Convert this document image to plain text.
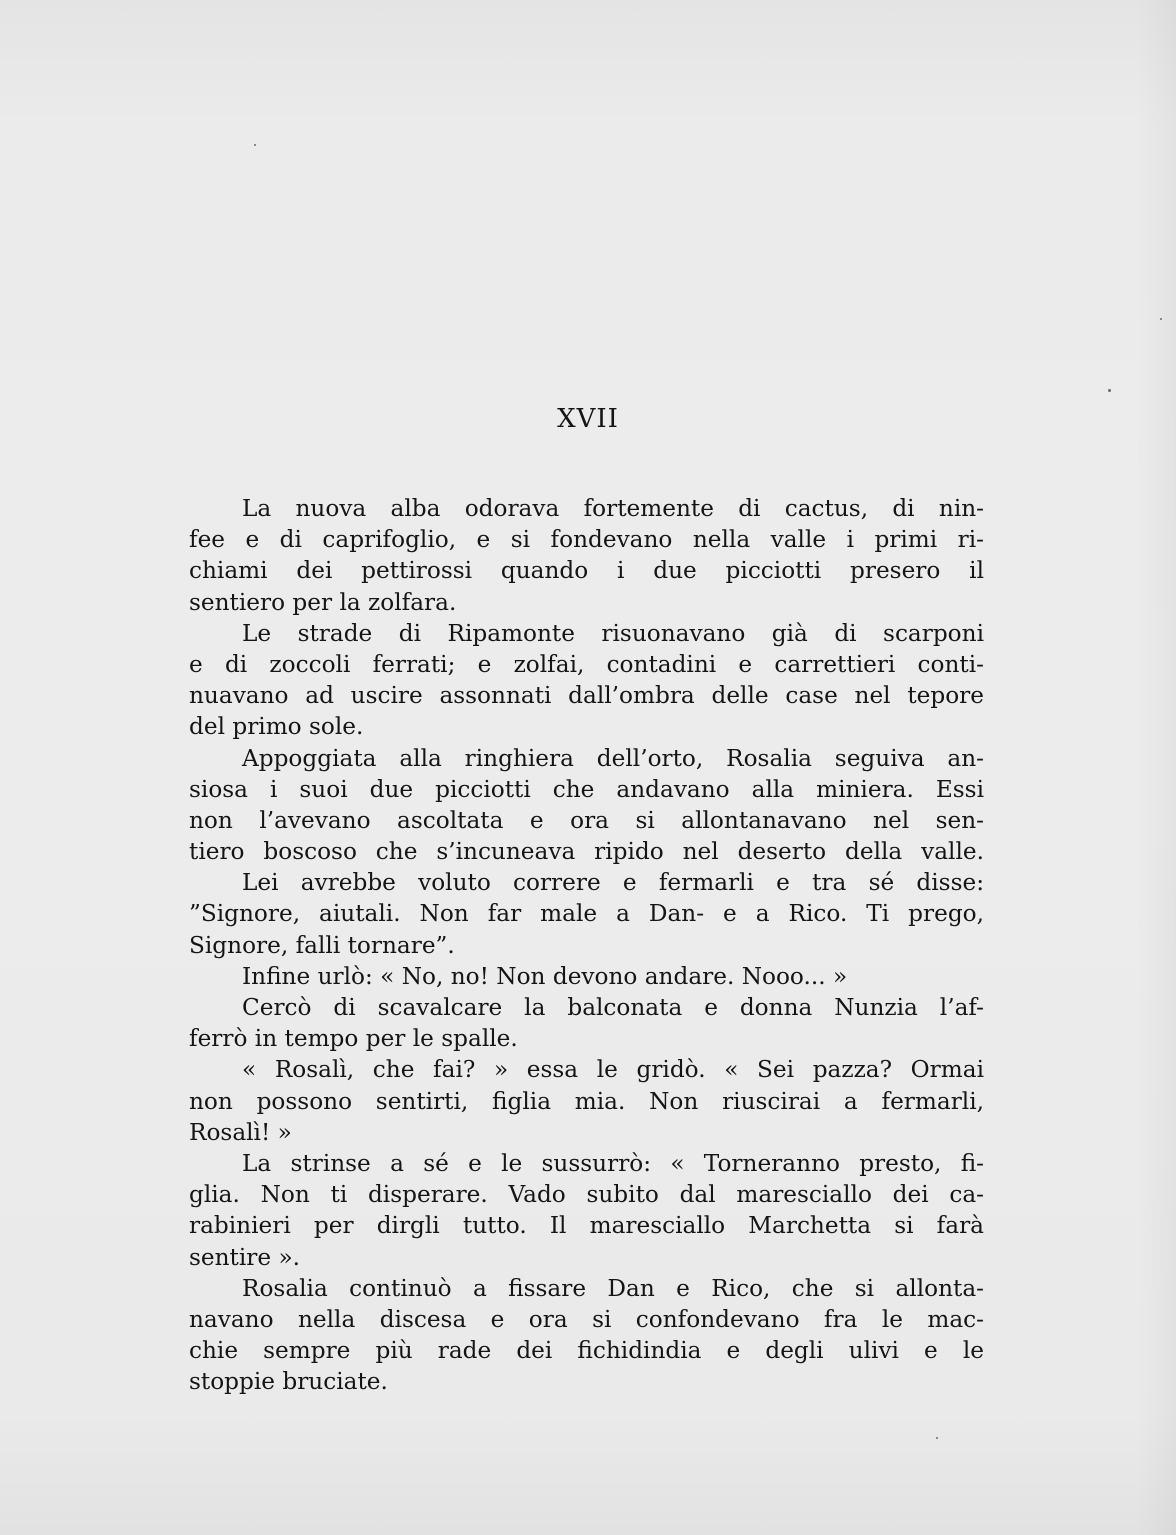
XVII
La nuova alba odorava fortemente di cactus, di nin-
fee e di caprifoglio, e si fondevano nella valle i primi ri-
chiami dei pettirossi quando i due picciotti presero il
sentiero per la zolfara.
Le strade di Ripamonte risuonavano già di scarponi
e di zoccoli ferrati; e zolfai, contadini e carrettieri conti-
nuavano ad uscire assonnati dall’ombra delle case nel tepore
del primo sole.
Appoggiata alla ringhiera dell’orto, Rosalia seguiva an-
siosa i suoi due picciotti che andavano alla miniera. Essi
non l’avevano ascoltata e ora si allontanavano nel sen-
tiero boscoso che s’incuneava ripido nel deserto della valle.
Lei avrebbe voluto correre e fermarli e tra sé disse:
”Signore, aiutali. Non far male a Dan- e a Rico. Ti prego,
Signore, falli tornare”.
Infine urlò: « No, no! Non devono andare. Nooo... »
Cercò di scavalcare la balconata e donna Nunzia l’af-
ferrò in tempo per le spalle.
« Rosalì, che fai? » essa le gridò. « Sei pazza? Ormai
non possono sentirti, figlia mia. Non riuscirai a fermarli,
Rosalì! »
La strinse a sé e le sussurrò: « Torneranno presto, fi-
glia. Non ti disperare. Vado subito dal maresciallo dei ca-
rabinieri per dirgli tutto. Il maresciallo Marchetta si farà
sentire ».
Rosalia continuò a fissare Dan e Rico, che si allonta-
navano nella discesa e ora si confondevano fra le mac-
chie sempre più rade dei fichidindia e degli ulivi e le
stoppie bruciate.
